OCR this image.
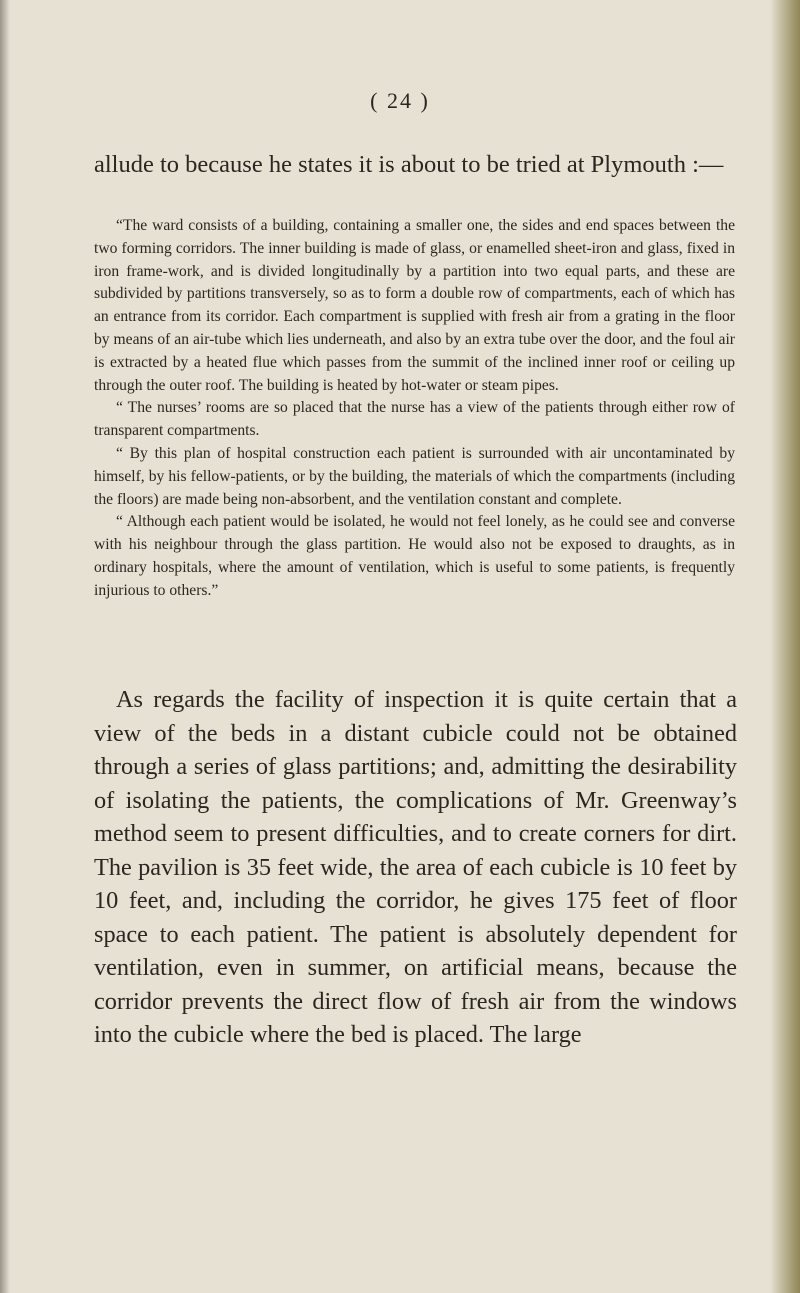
( 24 )

allude to because he states it is about to be tried at Plymouth :—

“The ward consists of a building, containing a smaller one, the sides and end spaces between the two forming corridors. The inner building is made of glass, or enamelled sheet-iron and glass, fixed in iron frame-work, and is divided longitudinally by a partition into two equal parts, and these are subdivided by partitions transversely, so as to form a double row of compartments, each of which has an entrance from its corridor. Each compartment is supplied with fresh air from a grating in the floor by means of an air-tube which lies underneath, and also by an extra tube over the door, and the foul air is extracted by a heated flue which passes from the summit of the inclined inner roof or ceiling up through the outer roof. The building is heated by hot-water or steam pipes.

“ The nurses’ rooms are so placed that the nurse has a view of the patients through either row of transparent compartments.

“ By this plan of hospital construction each patient is surrounded with air uncontaminated by himself, by his fellow-patients, or by the building, the materials of which the compartments (including the floors) are made being non-absorbent, and the ventilation constant and complete.

“ Although each patient would be isolated, he would not feel lonely, as he could see and converse with his neighbour through the glass partition. He would also not be exposed to draughts, as in ordinary hospitals, where the amount of ventilation, which is useful to some patients, is frequently injurious to others.”

As regards the facility of inspection it is quite certain that a view of the beds in a distant cubicle could not be obtained through a series of glass partitions; and, admitting the desirability of isolating the patients, the complications of Mr. Greenway’s method seem to present difficulties, and to create corners for dirt. The pavilion is 35 feet wide, the area of each cubicle is 10 feet by 10 feet, and, including the corridor, he gives 175 feet of floor space to each patient. The patient is absolutely dependent for ventilation, even in summer, on artificial means, because the corridor prevents the direct flow of fresh air from the windows into the cubicle where the bed is placed. The large
